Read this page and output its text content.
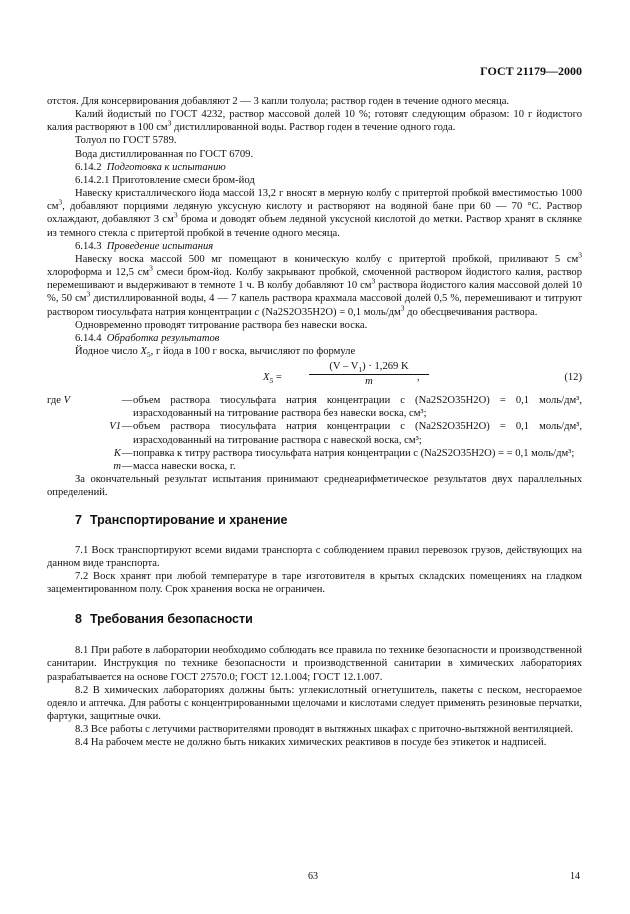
ГОСТ 21179—2000

отстоя. Для консервирования добавляют 2 — 3 капли толуола; раствор годен в течение одного месяца.

Калий йодистый по ГОСТ 4232, раствор массовой долей 10 %; готовят следующим образом: 10 г йодистого калия растворяют в 100 $см^3$ дистиллированной воды. Раствор годен в течение одного года.

Толуол по ГОСТ 5789.

Вода дистиллированная по ГОСТ 6709.

6.14.2 Подготовка к испытанию

6.14.2.1 Приготовление смеси бром-йод

Навеску кристаллического йода массой 13,2 г вносят в мерную колбу с притертой пробкой вместимостью 1000 $см^3$, добавляют порциями ледяную уксусную кислоту и растворяют на водяной бане при 60 — 70 °С. Раствор охлаждают, добавляют 3 $см^3$ брома и доводят объем ледяной уксусной кислотой до метки. Раствор хранят в склянке из темного стекла с притертой пробкой в течение одного месяца.

6.14.3 Проведение испытания

Навеску воска массой 500 мг помещают в коническую колбу с притертой пробкой, приливают 5 $см^3$ хлороформа и 12,5 $см^3$ смеси бром-йод. Колбу закрывают пробкой, смоченной раствором йодистого калия, раствор перемешивают и выдерживают в темноте 1 ч. В колбу добавляют 10 $см^3$ раствора йодистого калия массовой долей 10 %, 50 $см^3$ дистиллированной воды, 4 — 7 капель раствора крахмала массовой долей 0,5 %, перемешивают и титруют раствором тиосульфата натрия концентрации c (Na2S2O35H2O) = 0,1 моль/$дм^3$ до обесцвечивания раствора.

Одновременно проводят титрование раствора без навески воска.

6.14.4 Обработка результатов

Йодное число $X_5$, г йода в 100 г воска, вычисляют по формуле

$X_5$ =	$\frac{(V - V_1) \cdot 1,269 K}{m}$
,	(12)
где V	— объем раствора тиосульфата натрия концентрации c (Na2S2O35H2O) = 0,1 моль/дм³, израсходованный на титрование раствора без навески воска, см³;
V1 — объем раствора тиосульфата натрия концентрации c (Na2S2O35H2O) = 0,1 моль/дм³, израсходованный на титрование раствора с навеской воска, см³;
K — поправка к титру раствора тиосульфата натрия концентрации c (Na2S2O35H2O) = = 0,1 моль/дм³;
m — масса навески воска, г.

За окончательный результат испытания принимают среднеарифметическое результатов двух параллельных определений.

7 Транспортирование и хранение

7.1 Воск транспортируют всеми видами транспорта с соблюдением правил перевозок грузов, действующих на данном виде транспорта.

7.2 Воск хранят при любой температуре в таре изготовителя в крытых складских помещениях на гладком зацементированном полу. Срок хранения воска не ограничен.

8 Требования безопасности

8.1 При работе в лаборатории необходимо соблюдать все правила по технике безопасности и производственной санитарии. Инструкция по технике безопасности и производственной санитарии в химических лабораториях разрабатывается на основе ГОСТ 27570.0; ГОСТ 12.1.004; ГОСТ 12.1.007.

8.2 В химических лабораториях должны быть: углекислотный огнетушитель, пакеты с песком, несгораемое одеяло и аптечка. Для работы с концентрированными щелочами и кислотами следует применять резиновые перчатки, фартуки, защитные очки.

8.3 Все работы с летучими растворителями проводят в вытяжных шкафах с приточно-вытяжной вентиляцией.

8.4 На рабочем месте не должно быть никаких химических реактивов в посуде без этикеток и надписей.

63	14
